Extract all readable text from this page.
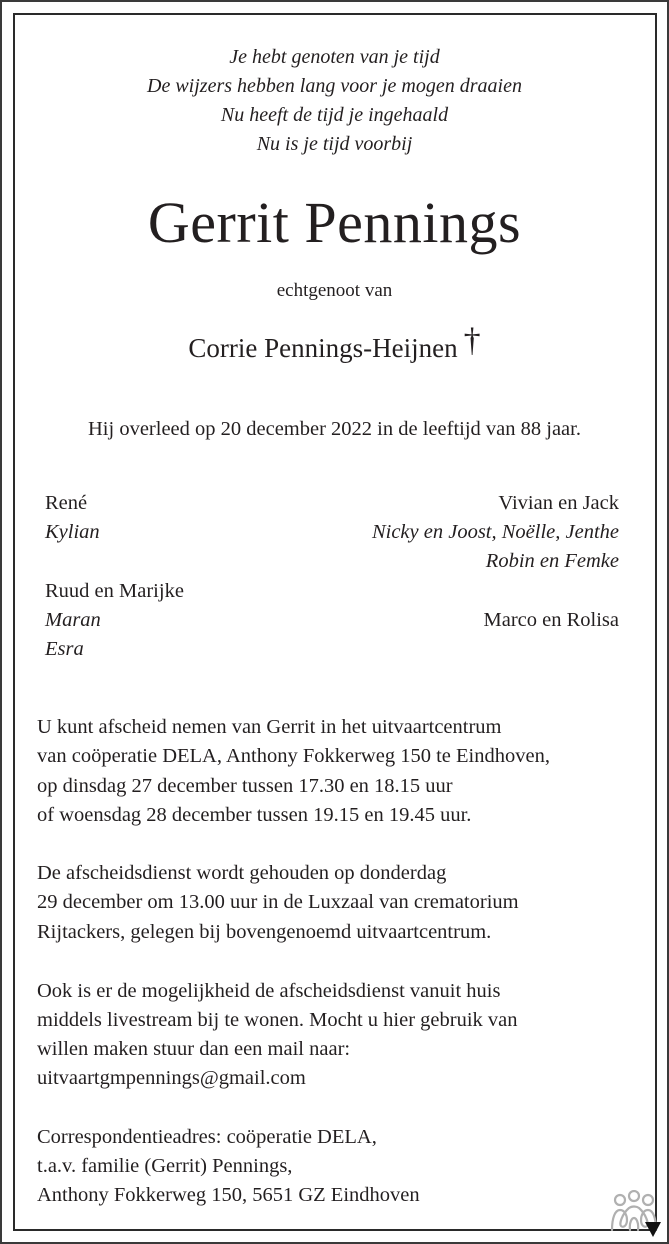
Je hebt genoten van je tijd
De wijzers hebben lang voor je mogen draaien
Nu heeft de tijd je ingehaald
Nu is je tijd voorbij
Gerrit Pennings
echtgenoot van
Corrie Pennings-Heijnen †
Hij overleed op 20 december 2022 in de leeftijd van 88 jaar.
René
Kylian
Ruud en Marijke
Maran
Esra
Vivian en Jack
Nicky en Joost, Noëlle, Jenthe
Robin en Femke
Marco en Rolisa
U kunt afscheid nemen van Gerrit in het uitvaartcentrum
van coöperatie DELA, Anthony Fokkerweg 150 te Eindhoven,
op dinsdag 27 december tussen 17.30 en 18.15 uur
of woensdag 28 december tussen 19.15 en 19.45 uur.
De afscheidsdienst wordt gehouden op donderdag
29 december om 13.00 uur in de Luxzaal van crematorium
Rijtackers, gelegen bij bovengenoemd uitvaartcentrum.
Ook is er de mogelijkheid de afscheidsdienst vanuit huis
middels livestream bij te wonen. Mocht u hier gebruik van
willen maken stuur dan een mail naar:
uitvaartgmpennings@gmail.com
Correspondentieadres: coöperatie DELA,
t.a.v. familie (Gerrit) Pennings,
Anthony Fokkerweg 150, 5651 GZ Eindhoven
